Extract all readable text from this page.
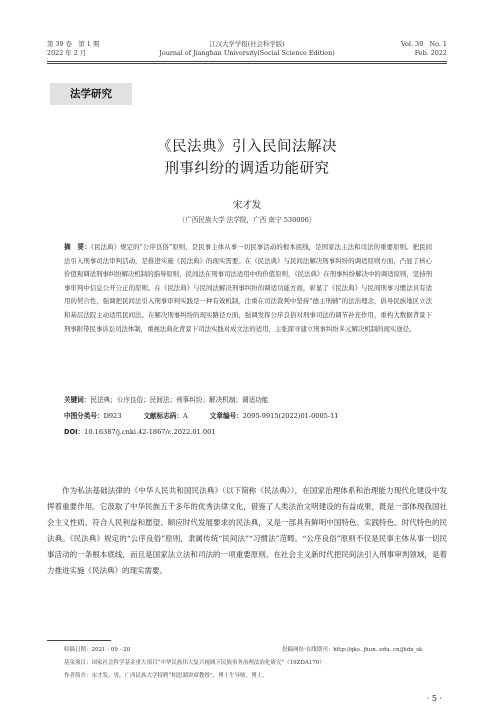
第 39 卷　第 1 期
2022 年 2 月
江汉大学学报(社会科学版)
Journal of Jianghan University(Social Science Edition)
Vol. 39　No. 1
Feb. 2022
法学研究
《民法典》引入民间法解决
刑事纠纷的调适功能研究
宋才发
（广西民族大学 法学院，广西 南宁 530006）

摘　要：《民法典》规定的“公序良俗”原则，是民事主体从事一切民事活动的根本底线，是国家法主法和司法的重要原则。把民间法引入刑事司法审判活动，是推进实施《民法典》的现实需要。在《民法典》与民间法解决刑事纠纷的调适原则方面，凸显了核心价值观调适刑事纠纷解决机制的指导原则，民间法在刑事司法适用中的价值原则，《民法典》在刑事纠纷解决中的调适原则，坚持刑事审判中信息公开公正的原则。在《民法典》与民间法解决刑事纠纷的调适功能方面，彰显了《民法典》与民间刑事习惯法具有适用的契合性，强调把民间法引入刑事审判实践是一种有效机制，注重在司法裁判中坚持“德主刑辅”的法治理念，倡导民族地区立法和基层法院主动适用民间法。在解决刑事纠纷的现实路径方面，强调发挥公序良俗对刑事司法的调节补充作用，重构大数据背景下刑事附带民事诉讼司法体制，重视法典化背景下司法实践对成文法的适用，主张探寻建立刑事纠纷多元解决机制的现实途径。

关键词：民法典；公序良俗；民间法；刑事纠纷；解决机制；调适功能
中图分类号：D923	文献标志码：A	文章编号：2095-9915(2022)01-0005-11
DOI：10.16387/j.cnki.42-1867/c.2022.01.001

作为私法基础法律的《中华人民共和国民法典》（以下简称《民法典》），在国家治理体系和治理能力现代化建设中发挥着重要作用。它汲取了中华民族五千多年的优秀法律文化，借鉴了人类法治文明建设的有益成果，既是一部体现我国社会主义性质、符合人民利益和愿望、顺应时代发展要求的民法典，又是一部具有鲜明中国特色、实践特色、时代特色的民法典。《民法典》规定的“公序良俗”原则，隶属传统“民间法”“习惯法”范畴。“公序良俗”原则不仅是民事主体从事一切民事活动的一条根本底线，而且是国家法立法和司法的一项重要原则。在社会主义新时代把民间法引入刑事审判领域，是着力推进实施《民法典》的现实需要。

收稿日期：2021 - 09 - 20	投稿网址·在线期刊：http://qks. jhun. edu. cn/jhdx_sk
基金项目：国家社会科学基金重大项目“中华民族伟大复兴视域下民族事务治理法治化研究”（19ZDA170）
作者简介：宋才发，男，广西民族大学特聘“相思湖讲席教授”，博士生导师，博士。
· 5 ·
